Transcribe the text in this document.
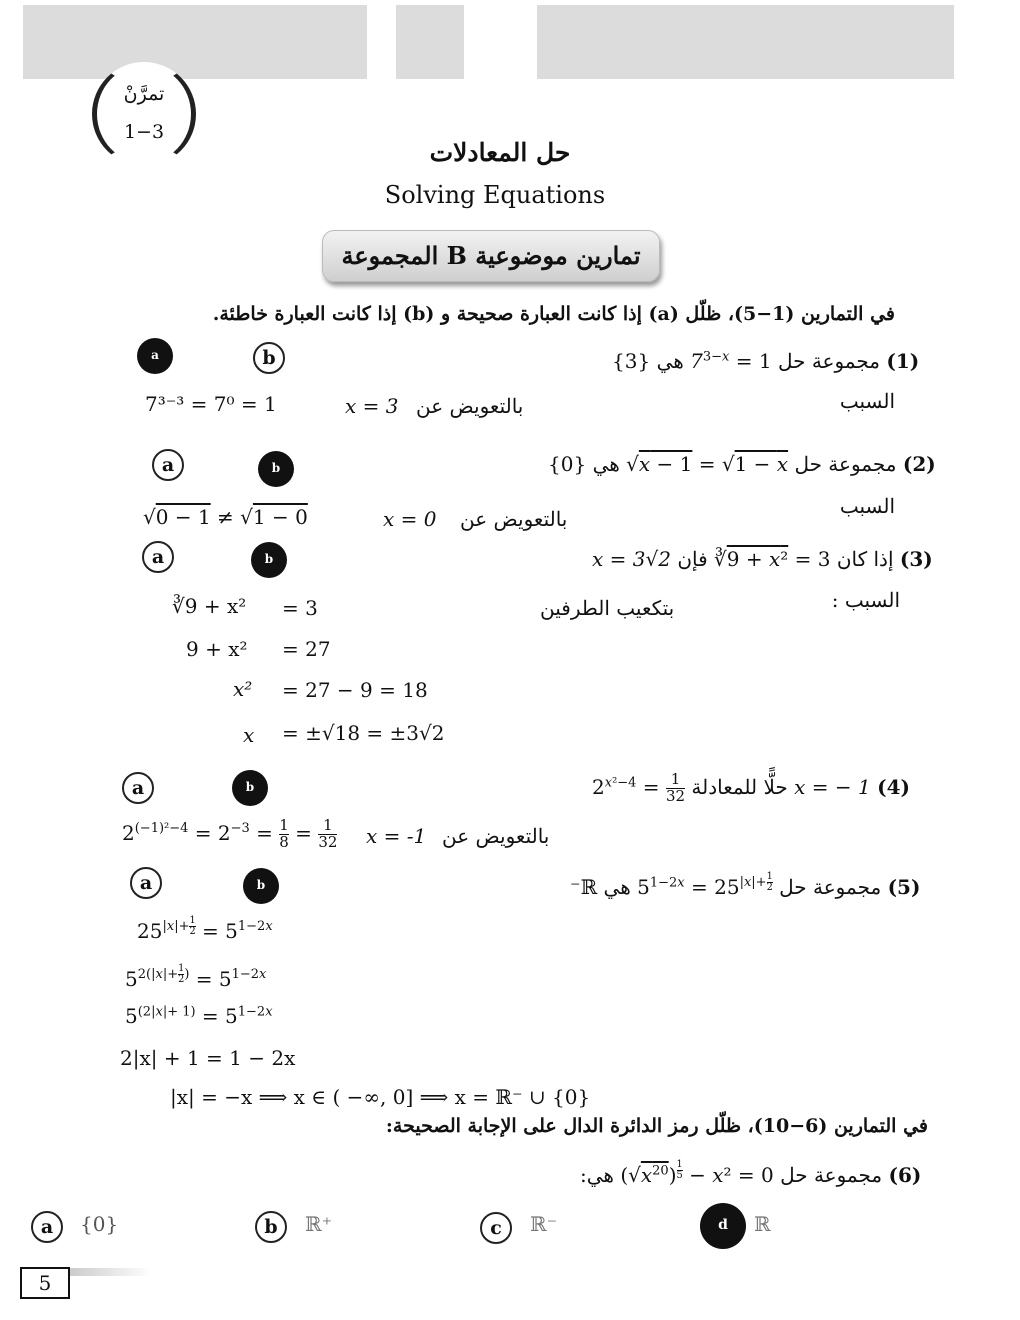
تمرَّنْ
1−3
حل المعادلات
Solving Equations
المجموعة B تمارين موضوعية
في التمارين (1−5)، ظلّل (a) إذا كانت العبارة صحيحة و (b) إذا كانت العبارة خاطئة.
a	b	(1) مجموعة حل $7^{3-x} = 1$ هي {3}
السبب
بالتعويض عن
x = 3
7³⁻³ = 7⁰ = 1
a	b	(2) مجموعة حل √x − 1 = √1 − x هي {0}
السبب
بالتعويض عن
x = 0
√0 − 1 ≠ √1 − 0
a	b	(3) إذا كان ∛9 + x² = 3 فإن x = 3√2
السبب :
بتكعيب الطرفين
∛9 + x² = 3
9 + x² = 27
x² = 27 − 9 = 18
x = ±√18 = ±3√2
a	b	(4) x = − 1 حلًّا للمعادلة $2^{x^2-4} = \frac{1}{32}$
بالتعويض عن
x = -1
$2^{(-1)^2-4} = 2^{-3} = \frac{1}{8} = \frac{1}{32}$
a	b	(5) مجموعة حل $5^{1-2x} = 25^{|x|+ \frac{1}{2}}$
هي ℝ⁻
$25^{|x|+ \frac{1}{2}} = 5^{1-2x}$
$5^{2(|x|+ \frac{1}{2} )} = 5^{1-2x}$
$5^{(2|x|+ 1)} = 5^{1-2x}$
2|x| + 1 = 1 − 2x
|x| = −x ⟹ x ∈ ( −∞, 0] ⟹ x = ℝ⁻ ∪ {0}
في التمارين (6−10)، ظلّل رمز الدائرة الدال على الإجابة الصحيحة:
(6) مجموعة حل $(√x^{20}) ^{\frac{1}{5}} - x^2 = 0$ هي:
a	{0}	b	ℝ⁺	c	ℝ⁻	d	ℝ
5
